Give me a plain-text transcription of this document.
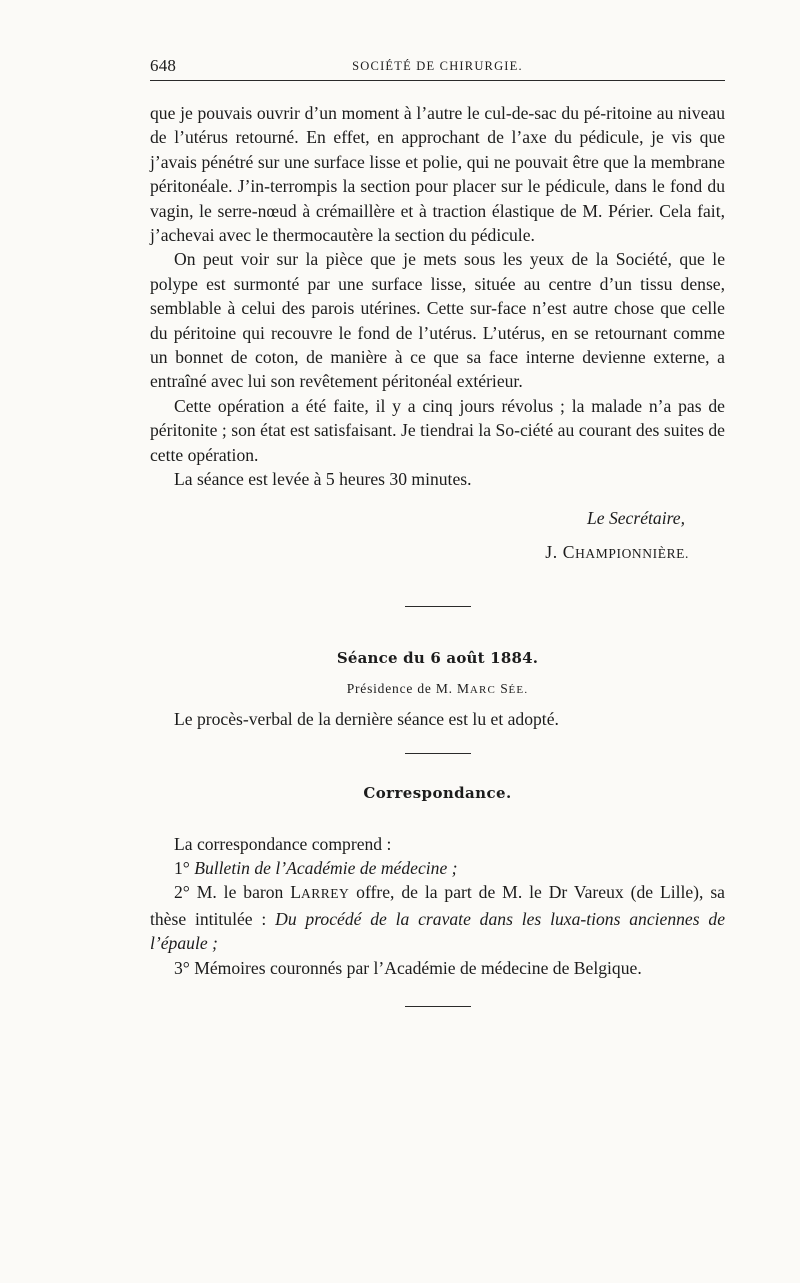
648	SOCIÉTÉ DE CHIRURGIE.

que je pouvais ouvrir d’un moment à l’autre le cul-de-sac du pé-ritoine au niveau de l’utérus retourné. En effet, en approchant de l’axe du pédicule, je vis que j’avais pénétré sur une surface lisse et polie, qui ne pouvait être que la membrane péritonéale. J’in-terrompis la section pour placer sur le pédicule, dans le fond du vagin, le serre-nœud à crémaillère et à traction élastique de M. Périer. Cela fait, j’achevai avec le thermocautère la section du pédicule.

On peut voir sur la pièce que je mets sous les yeux de la Société, que le polype est surmonté par une surface lisse, située au centre d’un tissu dense, semblable à celui des parois utérines. Cette sur-face n’est autre chose que celle du péritoine qui recouvre le fond de l’utérus. L’utérus, en se retournant comme un bonnet de coton, de manière à ce que sa face interne devienne externe, a entraîné avec lui son revêtement péritonéal extérieur.

Cette opération a été faite, il y a cinq jours révolus ; la malade n’a pas de péritonite ; son état est satisfaisant. Je tiendrai la So-ciété au courant des suites de cette opération.

La séance est levée à 5 heures 30 minutes.

Le Secrétaire,
J. CHAMPIONNIÈRE.
Séance du 6 août 1884.
Présidence de M. MARC SÉE.

Le procès-verbal de la dernière séance est lu et adopté.

Correspondance.

La correspondance comprend :

1° Bulletin de l’Académie de médecine ;

2° M. le baron LARREY offre, de la part de M. le Dr Vareux (de Lille), sa thèse intitulée : Du procédé de la cravate dans les luxa-tions anciennes de l’épaule ;

3° Mémoires couronnés par l’Académie de médecine de Belgique.
